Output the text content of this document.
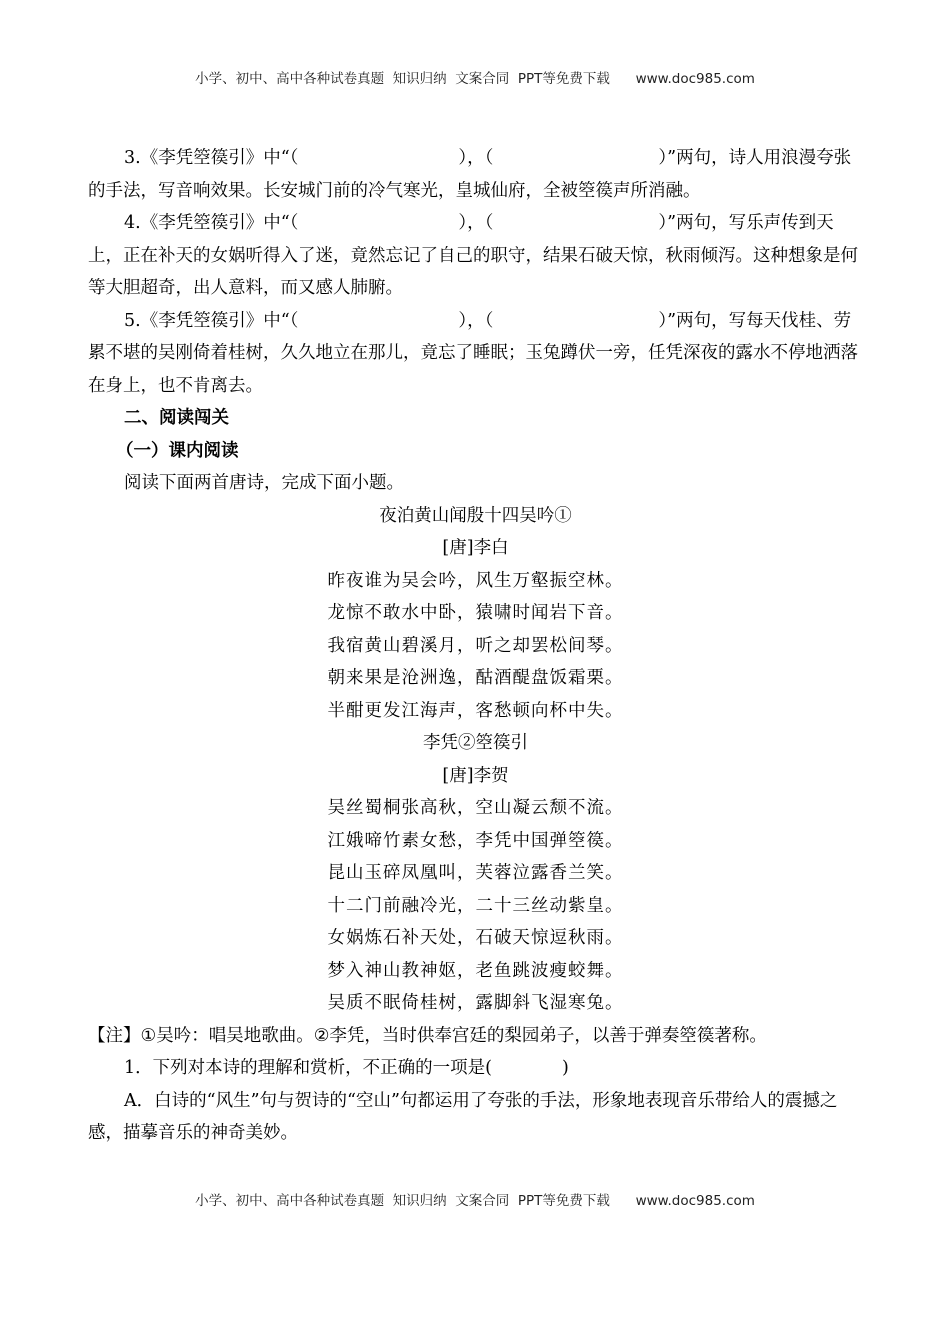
小学、初中、高中各种试卷真题  知识归纳  文案合同  PPT等免费下载      www.doc985.com

3.《李凭箜篌引》中“（	），（	）”两句，诗人用浪漫夸张的手法，写音响效果。长安城门前的冷气寒光，皇城仙府，全被箜篌声所消融。

4.《李凭箜篌引》中“（	），（	）”两句，写乐声传到天上，正在补天的女娲听得入了迷，竟然忘记了自己的职守，结果石破天惊，秋雨倾泻。这种想象是何等大胆超奇，出人意料，而又感人肺腑。

5.《李凭箜篌引》中“（	），（	）”两句，写每天伐桂、劳累不堪的吴刚倚着桂树，久久地立在那儿，竟忘了睡眠；玉兔蹲伏一旁，任凭深夜的露水不停地洒落在身上，也不肯离去。

二、阅读闯关

（一）课内阅读

阅读下面两首唐诗，完成下面小题。

夜泊黄山闻殷十四吴吟①

[唐]李白

昨夜谁为吴会吟，风生万壑振空林。

龙惊不敢水中卧，猿啸时闻岩下音。

我宿黄山碧溪月，听之却罢松间琴。

朝来果是沧洲逸，酤酒醍盘饭霜栗。

半酣更发江海声，客愁顿向杯中失。

李凭②箜篌引

[唐]李贺

吴丝蜀桐张高秋，空山凝云颓不流。

江娥啼竹素女愁，李凭中国弹箜篌。

昆山玉碎凤凰叫，芙蓉泣露香兰笑。

十二门前融冷光，二十三丝动紫皇。

女娲炼石补天处，石破天惊逗秋雨。

梦入神山教神妪，老鱼跳波瘦蛟舞。

吴质不眠倚桂树，露脚斜飞湿寒兔。

【注】①吴吟：唱吴地歌曲。②李凭，当时供奉宫廷的梨园弟子，以善于弹奏箜篌著称。

1．下列对本诗的理解和赏析，不正确的一项是(	)

A．白诗的“风生”句与贺诗的“空山”句都运用了夸张的手法，形象地表现音乐带给人的震撼之感，描摹音乐的神奇美妙。

小学、初中、高中各种试卷真题  知识归纳  文案合同  PPT等免费下载      www.doc985.com
